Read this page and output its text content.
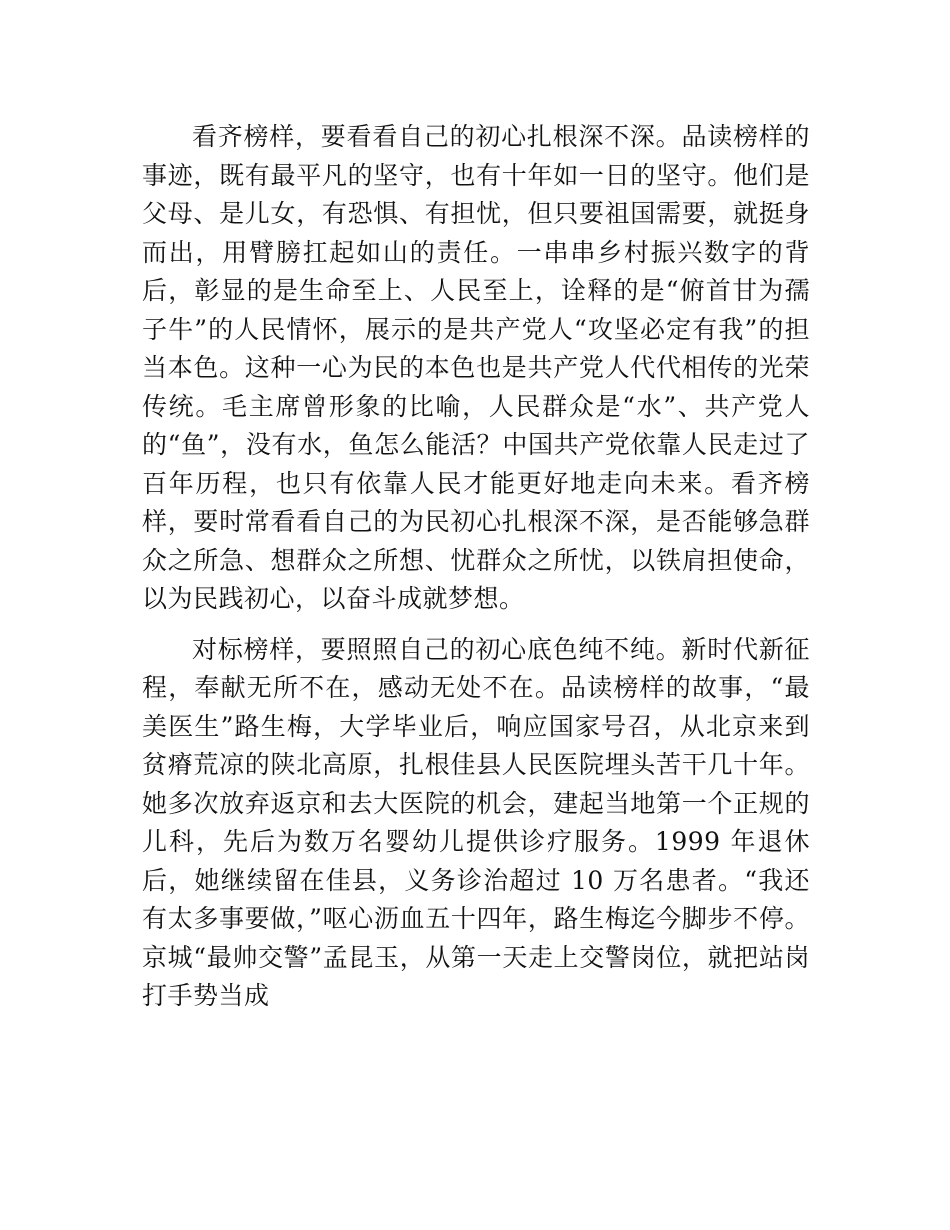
看齐榜样，要看看自己的初心扎根深不深。品读榜样的事迹，既有最平凡的坚守，也有十年如一日的坚守。他们是父母、是儿女，有恐惧、有担忧，但只要祖国需要，就挺身而出，用臂膀扛起如山的责任。一串串乡村振兴数字的背后，彰显的是生命至上、人民至上，诠释的是“俯首甘为孺子牛”的人民情怀，展示的是共产党人“攻坚必定有我”的担当本色。这种一心为民的本色也是共产党人代代相传的光荣传统。毛主席曾形象的比喻，人民群众是“水”、共产党人的“鱼”，没有水，鱼怎么能活？中国共产党依靠人民走过了百年历程，也只有依靠人民才能更好地走向未来。看齐榜样，要时常看看自己的为民初心扎根深不深，是否能够急群众之所急、想群众之所想、忧群众之所忧，以铁肩担使命，以为民践初心，以奋斗成就梦想。

对标榜样，要照照自己的初心底色纯不纯。新时代新征程，奉献无所不在，感动无处不在。品读榜样的故事，“最美医生”路生梅，大学毕业后，响应国家号召，从北京来到贫瘠荒凉的陕北高原，扎根佳县人民医院埋头苦干几十年。她多次放弃返京和去大医院的机会，建起当地第一个正规的儿科，先后为数万名婴幼儿提供诊疗服务。1999 年退休后，她继续留在佳县，义务诊治超过 10 万名患者。“我还有太多事要做，”呕心沥血五十四年，路生梅迄今脚步不停。京城“最帅交警”孟昆玉，从第一天走上交警岗位，就把站岗打手势当成
